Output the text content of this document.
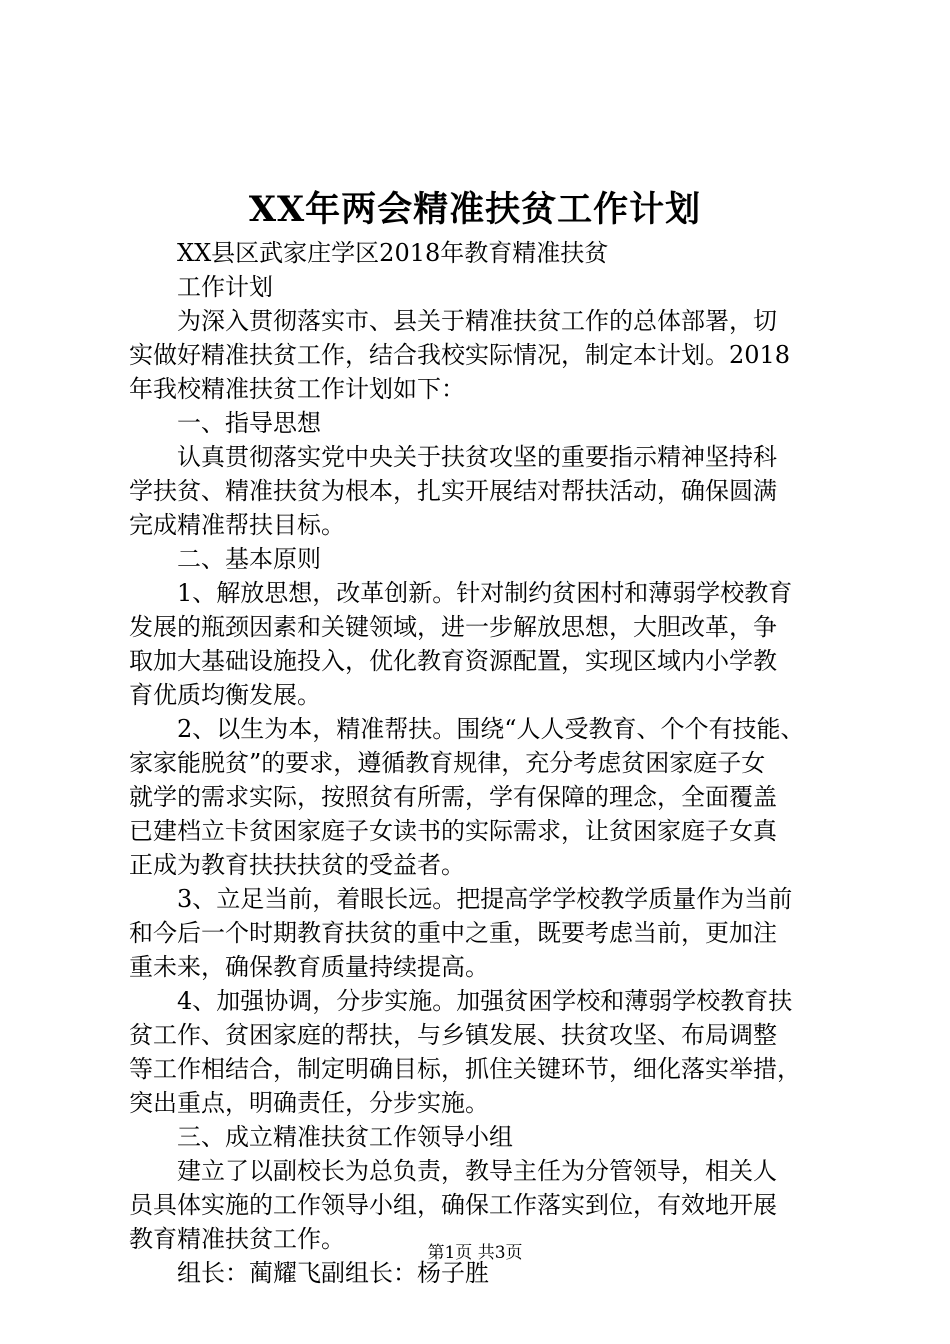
XX年两会精准扶贫工作计划
XX县区武家庄学区2018年教育精准扶贫
工作计划
为深入贯彻落实市、县关于精准扶贫工作的总体部署，切
实做好精准扶贫工作，结合我校实际情况，制定本计划。2018
年我校精准扶贫工作计划如下：
一、指导思想
认真贯彻落实党中央关于扶贫攻坚的重要指示精神坚持科
学扶贫、精准扶贫为根本，扎实开展结对帮扶活动，确保圆满
完成精准帮扶目标。
二、基本原则
1、解放思想，改革创新。针对制约贫困村和薄弱学校教育
发展的瓶颈因素和关键领域，进一步解放思想，大胆改革，争
取加大基础设施投入，优化教育资源配置，实现区域内小学教
育优质均衡发展。
2、以生为本，精准帮扶。围绕“人人受教育、个个有技能、
家家能脱贫”的要求，遵循教育规律，充分考虑贫困家庭子女
就学的需求实际，按照贫有所需，学有保障的理念，全面覆盖
已建档立卡贫困家庭子女读书的实际需求，让贫困家庭子女真
正成为教育扶扶扶贫的受益者。
3、立足当前，着眼长远。把提高学学校教学质量作为当前
和今后一个时期教育扶贫的重中之重，既要考虑当前，更加注
重未来，确保教育质量持续提高。
4、加强协调，分步实施。加强贫困学校和薄弱学校教育扶
贫工作、贫困家庭的帮扶，与乡镇发展、扶贫攻坚、布局调整
等工作相结合，制定明确目标，抓住关键环节，细化落实举措，
突出重点，明确责任，分步实施。
三、成立精准扶贫工作领导小组
建立了以副校长为总负责，教导主任为分管领导，相关人
员具体实施的工作领导小组，确保工作落实到位，有效地开展
教育精准扶贫工作。
组长：蔺耀飞副组长：杨子胜
第1页 共3页
